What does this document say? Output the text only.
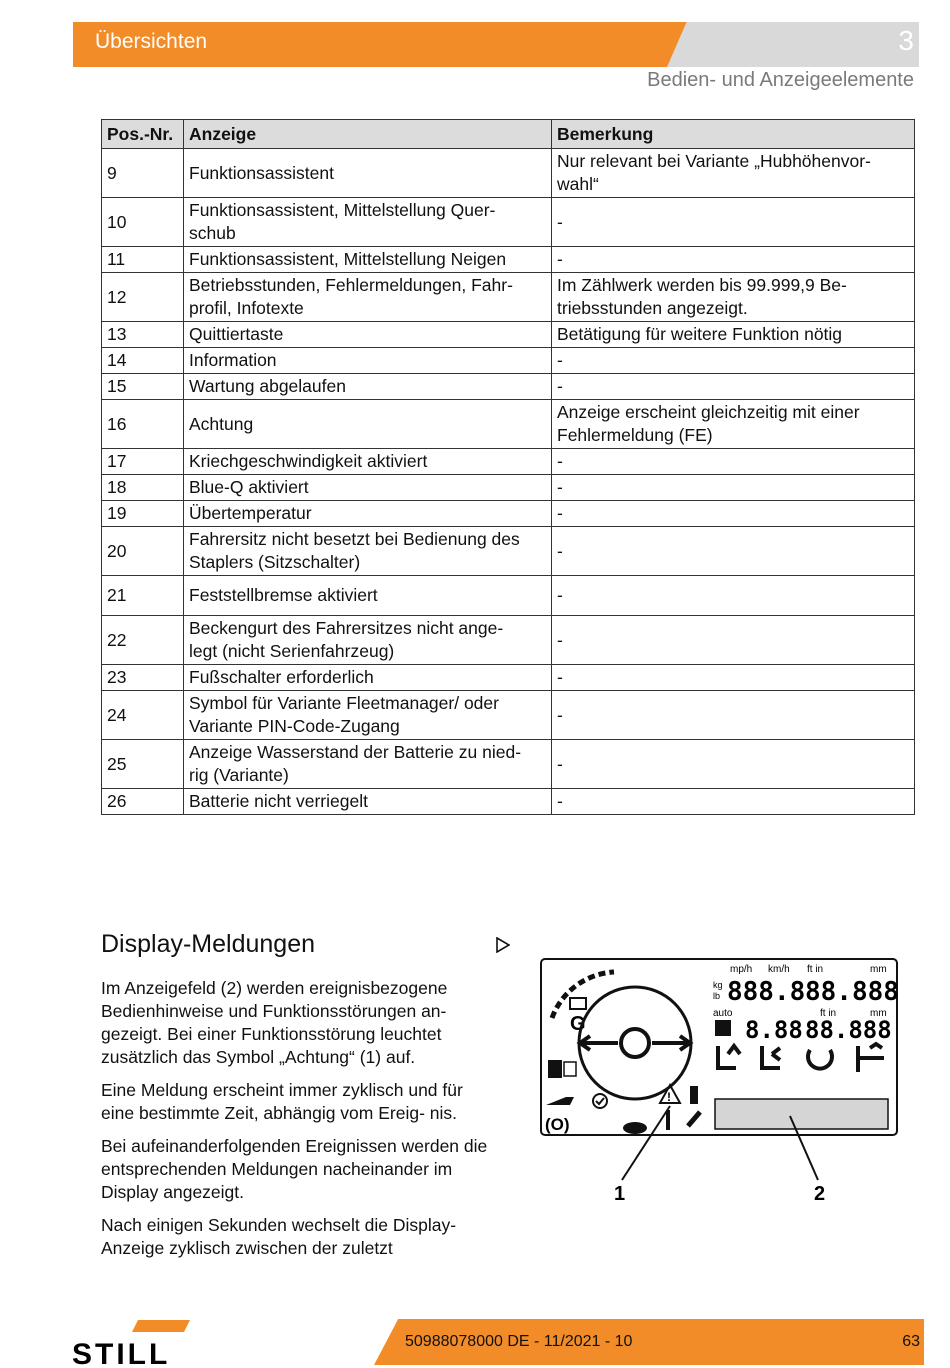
Übersichten	3
Bedien- und Anzeigeelemente
Pos.-Nr.	Anzeige	Bemerkung
9	Funktionsassistent	Nur relevant bei Variante „Hubhöhenvor-
wahl“
10	Funktionsassistent, Mittelstellung Quer-
schub	-
11	Funktionsassistent, Mittelstellung Neigen	-
12	Betriebsstunden, Fehlermeldungen, Fahr-
profil, Infotexte	Im Zählwerk werden bis 99.999,9 Be-
triebsstunden angezeigt.
13	Quittiertaste	Betätigung für weitere Funktion nötig
14	Information	-
15	Wartung abgelaufen	-
16	Achtung	Anzeige erscheint gleichzeitig mit einer
Fehlermeldung (FE)
17	Kriechgeschwindigkeit aktiviert	-
18	Blue-Q aktiviert	-
19	Übertemperatur	-
20	Fahrersitz nicht besetzt bei Bedienung des
Staplers (Sitzschalter)	-
21	Feststellbremse aktiviert	-
22	Beckengurt des Fahrersitzes nicht ange-
legt (nicht Serienfahrzeug)	-
23	Fußschalter erforderlich	-
24	Symbol für Variante Fleetmanager/ oder
Variante PIN-Code-Zugang	-
25	Anzeige Wasserstand der Batterie zu nied-
rig (Variante)	-
26	Batterie nicht verriegelt	-
Display-Meldungen

Im Anzeigefeld (2) werden ereignisbezogene Bedienhinweise und Funktionsstörungen an- gezeigt. Bei einer Funktionsstörung leuchtet zusätzlich das Symbol „Achtung“ (1) auf.

Eine Meldung erscheint immer zyklisch und für eine bestimmte Zeit, abhängig vom Ereig- nis.

Bei aufeinanderfolgenden Ereignissen werden die entsprechenden Meldungen nacheinander im Display angezeigt.

Nach einigen Sekunden wechselt die Display- Anzeige zyklisch zwischen der zuletzt

G
(O)
!
mp/h km/h ft in	mm
kg
lb 888.8 88.888
auto	ft in	mm
8.88 88.888
1	2
STILL	50988078000 DE - 11/2021 - 10	63
